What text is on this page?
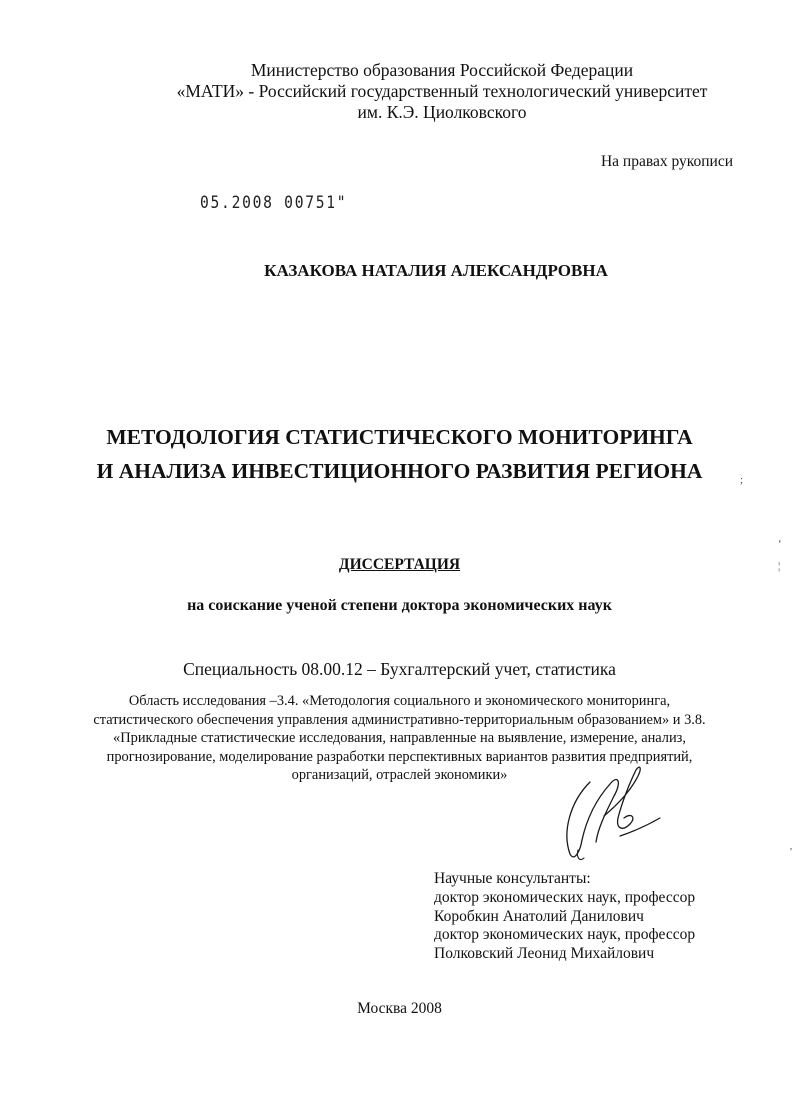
Министерство образования Российской Федерации
«МАТИ» - Российский государственный технологический университет
им. К.Э. Циолковского
На правах рукописи
05.2008 00751"
КАЗАКОВА НАТАЛИЯ АЛЕКСАНДРОВНА
МЕТОДОЛОГИЯ СТАТИСТИЧЕСКОГО МОНИТОРИНГА
И АНАЛИЗА ИНВЕСТИЦИОННОГО РАЗВИТИЯ РЕГИОНА
ДИССЕРТАЦИЯ
на соискание ученой степени доктора экономических наук
Специальность 08.00.12 – Бухгалтерский учет, статистика
Область исследования –3.4. «Методология социального и экономического мониторинга,
статистического обеспечения управления административно-территориальным образованием» и 3.8.
«Прикладные статистические исследования, направленные на выявление, измерение, анализ,
прогнозирование, моделирование разработки перспективных вариантов развития предприятий,
организаций, отраслей экономики»
Научные консультанты:
доктор экономических наук, профессор
Коробкин Анатолий Данилович
доктор экономических наук, профессор
Полковский Леонид Михайлович
Москва 2008
;
‘
¦
'
